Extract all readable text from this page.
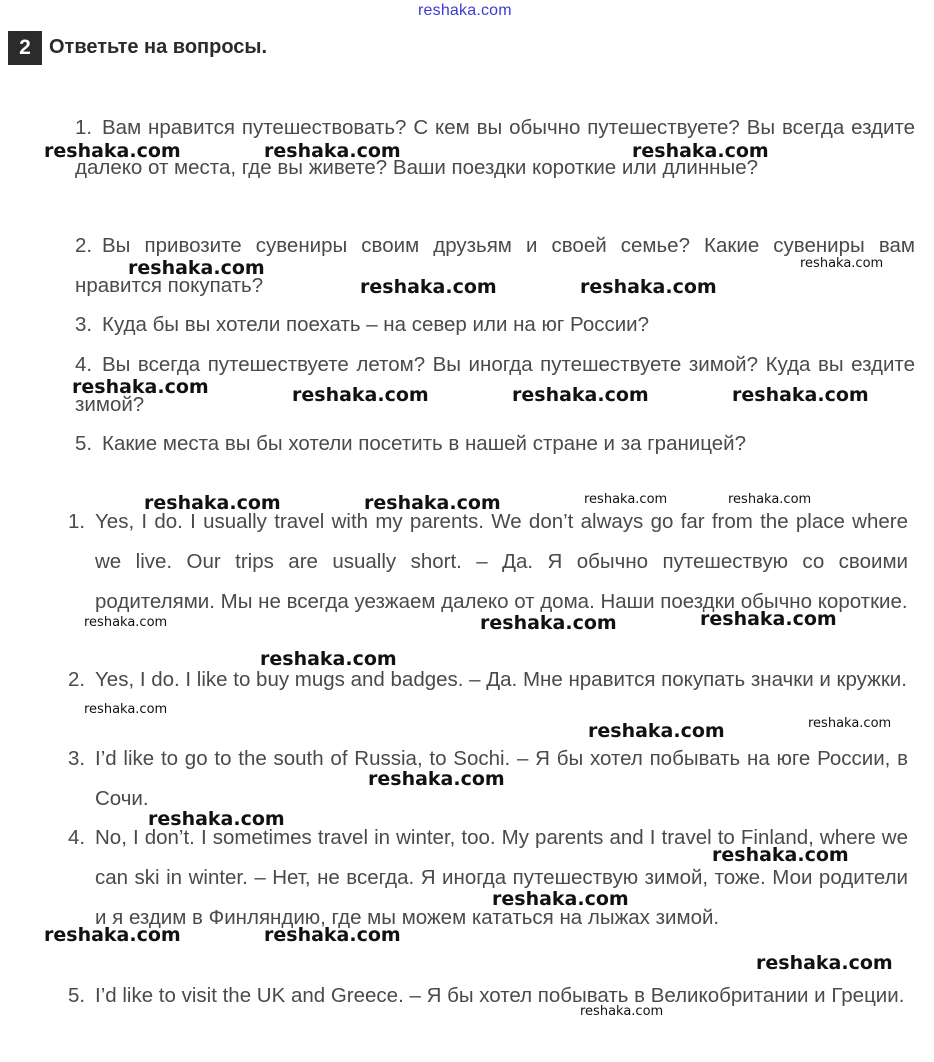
reshaka.com
2 Ответьте на вопросы.
1. Вам нравится путешествовать? С кем вы обычно путешествуете? Вы всегда ездите далеко от места, где вы живете? Ваши поездки короткие или длинные?
2. Вы привозите сувениры своим друзьям и своей семье? Какие сувениры вам нравится покупать?
3. Куда бы вы хотели поехать – на север или на юг России?
4. Вы всегда путешествуете летом? Вы иногда путешествуете зимой? Куда вы ездите зимой?
5. Какие места вы бы хотели посетить в нашей стране и за границей?
1. Yes, I do. I usually travel with my parents. We don’t always go far from the place where we live. Our trips are usually short. – Да. Я обычно путешествую со своими родителями. Мы не всегда уезжаем далеко от дома. Наши поездки обычно короткие.
2. Yes, I do. I like to buy mugs and badges. – Да. Мне нравится покупать значки и кружки.
3. I’d like to go to the south of Russia, to Sochi. – Я бы хотел побывать на юге России, в Сочи.
4. No, I don’t. I sometimes travel in winter, too. My parents and I travel to Finland, where we can ski in winter. – Нет, не всегда. Я иногда путешествую зимой, тоже. Мои родители и я ездим в Финляндию, где мы можем кататься на лыжах зимой.
5. I’d like to visit the UK and Greece. – Я бы хотел побывать в Великобритании и Греции.
reshaka.com	reshaka.com	reshaka.com
reshaka.com	reshaka.com
reshaka.com	reshaka.com
reshaka.com	reshaka.com	reshaka.com	reshaka.com
reshaka.com	reshaka.com	reshaka.com	reshaka.com
reshaka.com	reshaka.com	reshaka.com
reshaka.com
reshaka.com
reshaka.com	reshaka.com
reshaka.com
reshaka.com
reshaka.com
reshaka.com
reshaka.com	reshaka.com
reshaka.com
reshaka.com
